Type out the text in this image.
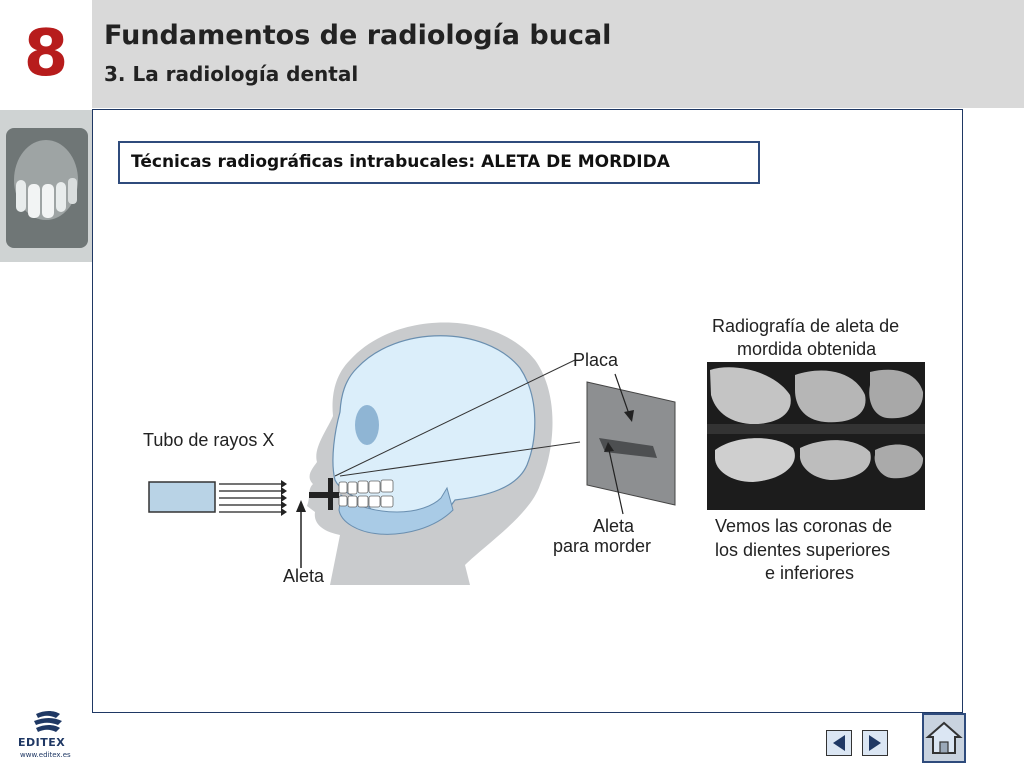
8	Fundamentos de radiología bucal
3. La radiología dental
Técnicas radiográficas intrabucales: ALETA DE MORDIDA
Tubo de rayos X
Aleta
Placa
Aleta
para morder
Radiografía de aleta de
mordida obtenida
Vemos las coronas de
los dientes superiores
e inferiores
EDITEX
www.editex.es
